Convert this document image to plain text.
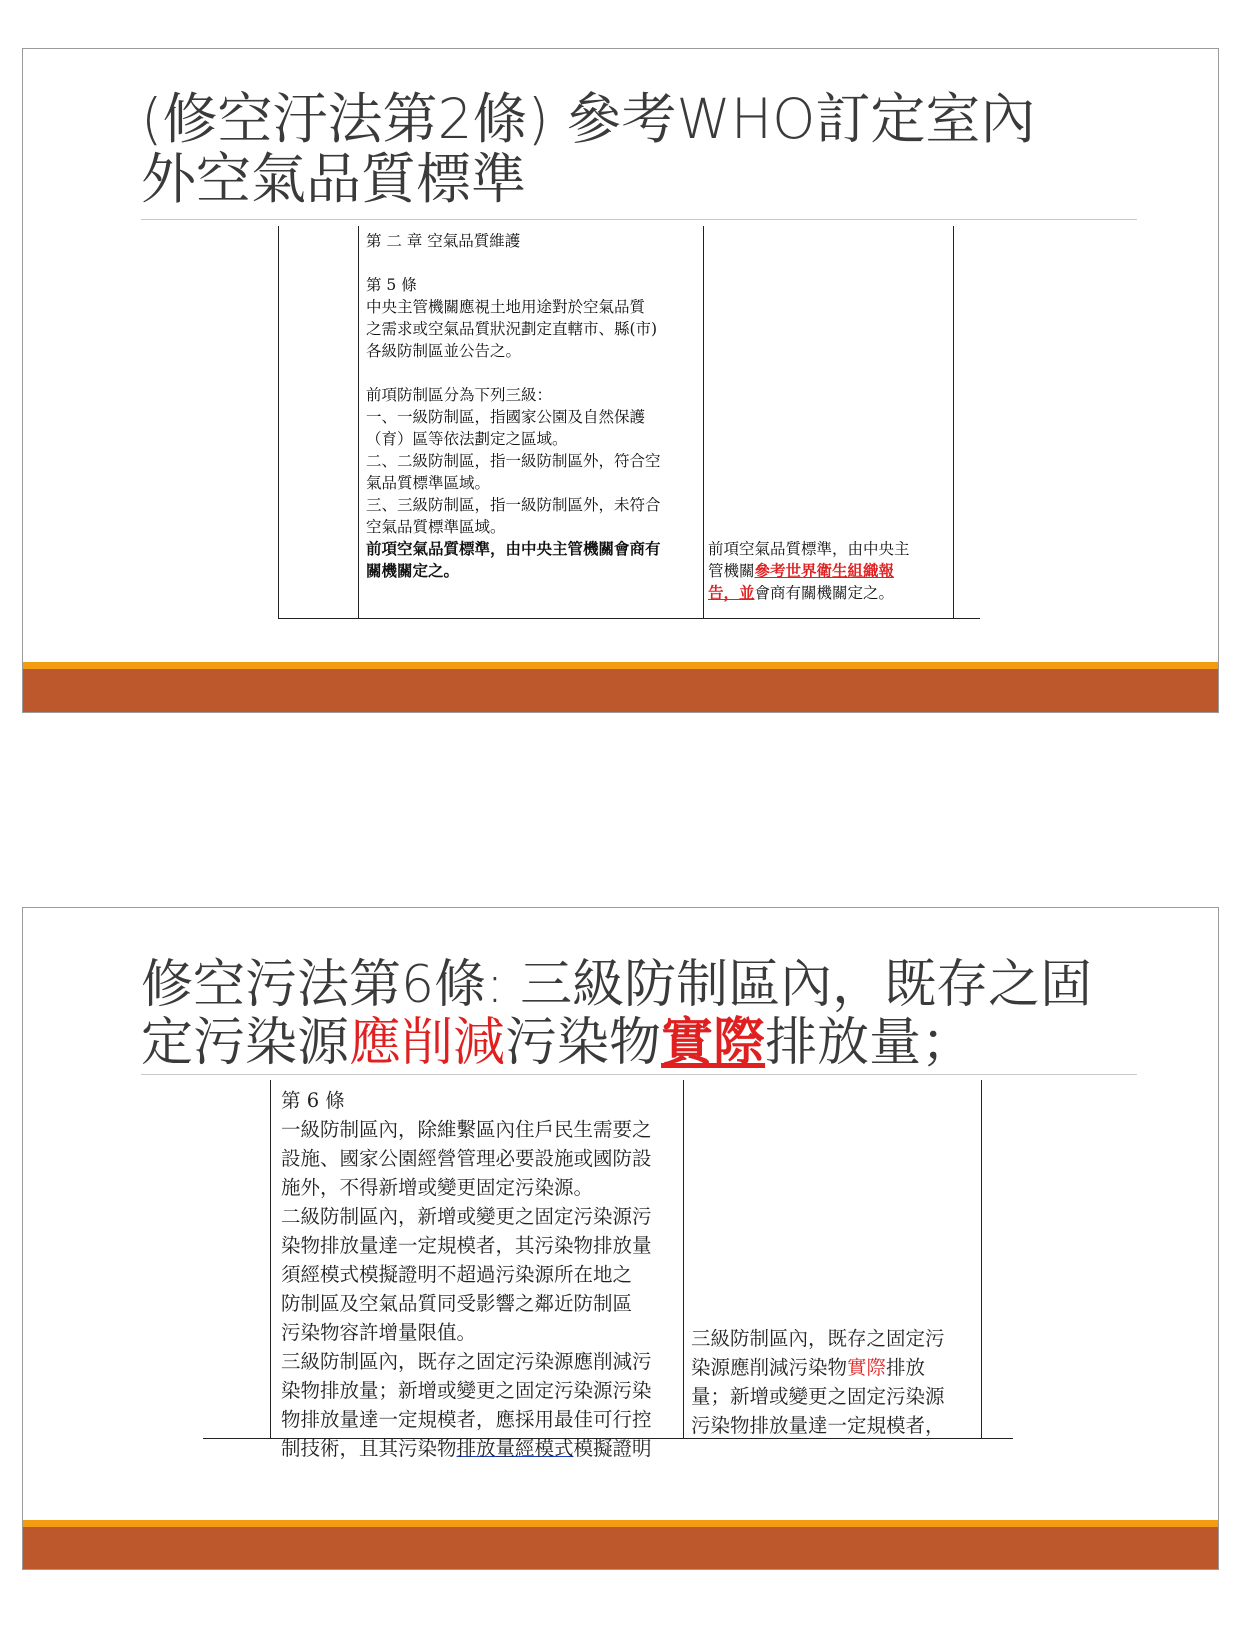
(修空汙法第2條) 參考WHO訂定室內
外空氣品質標準
第 二 章 空氣品質維護
第 5 條
中央主管機關應視土地用途對於空氣品質
之需求或空氣品質狀況劃定直轄市、縣(市)
各級防制區並公告之。
前項防制區分為下列三級：
一、一級防制區，指國家公園及自然保護
（育）區等依法劃定之區域。
二、二級防制區，指一級防制區外，符合空
氣品質標準區域。
三、三級防制區，指一級防制區外，未符合
空氣品質標準區域。
前項空氣品質標準，由中央主管機關會商有
關機關定之。
前項空氣品質標準，由中央主
管機關參考世界衛生組織報
告，並會商有關機關定之。
修空污法第6條: 三級防制區內，既存之固
定污染源應削減污染物實際排放量；
第 6 條
一級防制區內，除維繫區內住戶民生需要之
設施、國家公園經營管理必要設施或國防設
施外，不得新增或變更固定污染源。
二級防制區內，新增或變更之固定污染源污
染物排放量達一定規模者，其污染物排放量
須經模式模擬證明不超過污染源所在地之
防制區及空氣品質同受影響之鄰近防制區
污染物容許增量限值。
三級防制區內，既存之固定污染源應削減污
染物排放量；新增或變更之固定污染源污染
物排放量達一定規模者，應採用最佳可行控
制技術，且其污染物排放量經模式模擬證明
三級防制區內，既存之固定污
染源應削減污染物實際排放
量；新增或變更之固定污染源
污染物排放量達一定規模者，
